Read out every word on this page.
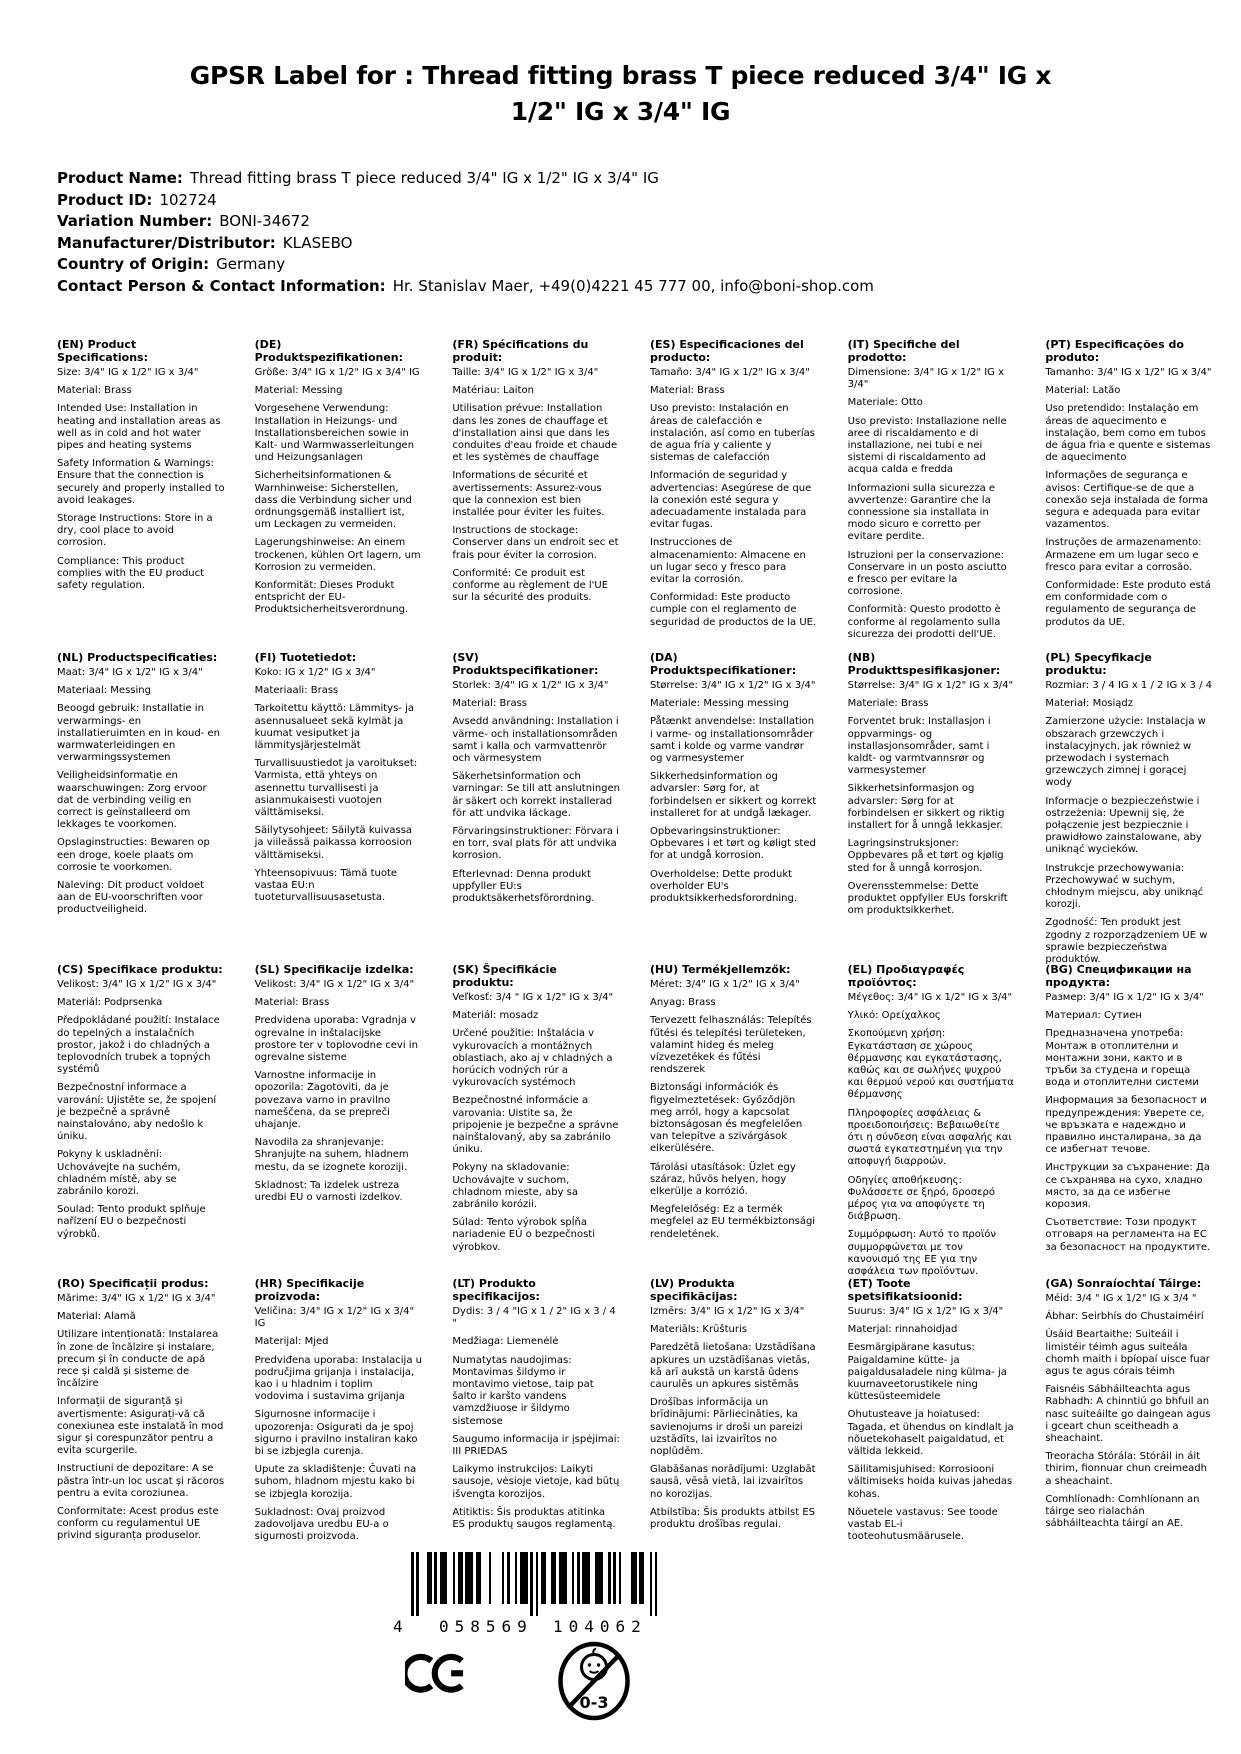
GPSR Label for : Thread fitting brass T piece reduced 3/4" IG x 1/2" IG x 3/4" IG
Product Name: Thread fitting brass T piece reduced 3/4" IG x 1/2" IG x 3/4" IG
Product ID: 102724
Variation Number: BONI-34672
Manufacturer/Distributor: KLASEBO
Country of Origin: Germany
Contact Person & Contact Information: Hr. Stanislav Maer, +49(0)4221 45 777 00, info@boni-shop.com
(EN) Product Specifications:

Size: 3/4" IG x 1/2" IG x 3/4"

Material: Brass

Intended Use: Installation in heating and installation areas as well as in cold and hot water pipes and heating systems

Safety Information & Warnings: Ensure that the connection is securely and properly installed to avoid leakages.

Storage Instructions: Store in a dry, cool place to avoid corrosion.

Compliance: This product complies with the EU product safety regulation.

(DE) Produktspezifikationen:

Größe: 3/4" IG x 1/2" IG x 3/4" IG

Material: Messing

Vorgesehene Verwendung: Installation in Heizungs- und Installationsbereichen sowie in Kalt- und Warmwasserleitungen und Heizungsanlagen

Sicherheitsinformationen & Warnhinweise: Sicherstellen, dass die Verbindung sicher und ordnungsgemäß installiert ist, um Leckagen zu vermeiden.

Lagerungshinweise: An einem trockenen, kühlen Ort lagern, um Korrosion zu vermeiden.

Konformität: Dieses Produkt entspricht der EU-Produktsicherheitsverordnung.

(FR) Spécifications du produit:

Taille: 3/4" IG x 1/2" IG x 3/4"

Matériau: Laiton

Utilisation prévue: Installation dans les zones de chauffage et d'installation ainsi que dans les conduites d'eau froide et chaude et les systèmes de chauffage

Informations de sécurité et avertissements: Assurez-vous que la connexion est bien installée pour éviter les fuites.

Instructions de stockage: Conserver dans un endroit sec et frais pour éviter la corrosion.

Conformité: Ce produit est conforme au règlement de l'UE sur la sécurité des produits.

(ES) Especificaciones del producto:

Tamaño: 3/4" IG x 1/2" IG x 3/4"

Material: Brass

Uso previsto: Instalación en áreas de calefacción e instalación, así como en tuberías de agua fría y caliente y sistemas de calefacción

Información de seguridad y advertencias: Asegúrese de que la conexión esté segura y adecuadamente instalada para evitar fugas.

Instrucciones de almacenamiento: Almacene en un lugar seco y fresco para evitar la corrosión.

Conformidad: Este producto cumple con el reglamento de seguridad de productos de la UE.

(IT) Specifiche del prodotto:

Dimensione: 3/4" IG x 1/2" IG x 3/4"

Materiale: Otto

Uso previsto: Installazione nelle aree di riscaldamento e di installazione, nei tubi e nei sistemi di riscaldamento ad acqua calda e fredda

Informazioni sulla sicurezza e avvertenze: Garantire che la connessione sia installata in modo sicuro e corretto per evitare perdite.

Istruzioni per la conservazione: Conservare in un posto asciutto e fresco per evitare la corrosione.

Conformità: Questo prodotto è conforme al regolamento sulla sicurezza dei prodotti dell'UE.

(PT) Especificações do produto:

Tamanho: 3/4" IG x 1/2" IG x 3/4"

Material: Latão

Uso pretendido: Instalação em áreas de aquecimento e instalação, bem como em tubos de água fria e quente e sistemas de aquecimento

Informações de segurança e avisos: Certifique-se de que a conexão seja instalada de forma segura e adequada para evitar vazamentos.

Instruções de armazenamento: Armazene em um lugar seco e fresco para evitar a corrosão.

Conformidade: Este produto está em conformidade com o regulamento de segurança de produtos da UE.

(NL) Productspecificaties:

Maat: 3/4" IG x 1/2" IG x 3/4"

Materiaal: Messing

Beoogd gebruik: Installatie in verwarmings- en installatieruimten en in koud- en warmwaterleidingen en verwarmingssystemen

Veiligheidsinformatie en waarschuwingen: Zorg ervoor dat de verbinding veilig en correct is geïnstalleerd om lekkages te voorkomen.

Opslaginstructies: Bewaren op een droge, koele plaats om corrosie te voorkomen.

Naleving: Dit product voldoet aan de EU-voorschriften voor productveiligheid.

(FI) Tuotetiedot:

Koko: IG x 1/2" IG x 3/4"

Materiaali: Brass

Tarkoitettu käyttö: Lämmitys- ja asennusalueet sekä kylmät ja kuumat vesiputket ja lämmitysjärjestelmät

Turvallisuustiedot ja varoitukset: Varmista, että yhteys on asennettu turvallisesti ja asianmukaisesti vuotojen välttämiseksi.

Säilytysohjeet: Säilytä kuivassa ja viileässä paikassa korroosion välttämiseksi.

Yhteensopivuus: Tämä tuote vastaa EU:n tuoteturvallisuusasetusta.

(SV) Produktspecifikationer:

Storlek: 3/4" IG x 1/2" IG x 3/4"

Material: Brass

Avsedd användning: Installation i värme- och installationsområden samt i kalla och varmvattenrör och värmesystem

Säkerhetsinformation och varningar: Se till att anslutningen är säkert och korrekt installerad för att undvika läckage.

Förvaringsinstruktioner: Förvara i en torr, sval plats för att undvika korrosion.

Efterlevnad: Denna produkt uppfyller EU:s produktsäkerhetsförordning.

(DA) Produktspecifikationer:

Størrelse: 3/4" IG x 1/2" IG x 3/4"

Materiale: Messing messing

Påtænkt anvendelse: Installation i varme- og installationsområder samt i kolde og varme vandrør og varmesystemer

Sikkerhedsinformation og advarsler: Sørg for, at forbindelsen er sikkert og korrekt installeret for at undgå lækager.

Opbevaringsinstruktioner: Opbevares i et tørt og køligt sted for at undgå korrosion.

Overholdelse: Dette produkt overholder EU's produktsikkerhedsforordning.

(NB) Produkttspesifikasjoner:

Størrelse: 3/4" IG x 1/2" IG x 3/4"

Materiale: Brass

Forventet bruk: Installasjon i oppvarmings- og installasjonsområder, samt i kaldt- og varmtvannsrør og varmesystemer

Sikkerhetsinformasjon og advarsler: Sørg for at forbindelsen er sikkert og riktig installert for å unngå lekkasjer.

Lagringsinstruksjoner: Oppbevares på et tørt og kjølig sted for å unngå korrosjon.

Overensstemmelse: Dette produktet oppfyller EUs forskrift om produktsikkerhet.

(PL) Specyfikacje produktu:

Rozmiar: 3 / 4 IG x 1 / 2 IG x 3 / 4

Materiał: Mosiądz

Zamierzone użycie: Instalacja w obszarach grzewczych i instalacyjnych, jak również w przewodach i systemach grzewczych zimnej i gorącej wody

Informacje o bezpieczeństwie i ostrzeżenia: Upewnij się, że połączenie jest bezpiecznie i prawidłowo zainstalowane, aby uniknąć wycieków.

Instrukcje przechowywania: Przechowywać w suchym, chłodnym miejscu, aby uniknąć korozji.

Zgodność: Ten produkt jest zgodny z rozporządzeniem UE w sprawie bezpieczeństwa produktów.

(CS) Specifikace produktu:

Velikost: 3/4" IG x 1/2" IG x 3/4"

Materiál: Podprsenka

Předpokládané použití: Instalace do tepelných a instalačních prostor, jakož i do chladných a teplovodních trubek a topných systémů

Bezpečnostní informace a varování: Ujistěte se, že spojení je bezpečně a správně nainstalováno, aby nedošlo k úniku.

Pokyny k uskladnění: Uchovávejte na suchém, chladném místě, aby se zabránilo korozi.

Soulad: Tento produkt splňuje nařízení EU o bezpečnosti výrobků.

(SL) Specifikacije izdelka:

Velikost: 3/4" IG x 1/2" IG x 3/4"

Material: Brass

Predvidena uporaba: Vgradnja v ogrevalne in inštalacijske prostore ter v toplovodne cevi in ogrevalne sisteme

Varnostne informacije in opozorila: Zagotoviti, da je povezava varno in pravilno nameščena, da se prepreči uhajanje.

Navodila za shranjevanje: Shranjujte na suhem, hladnem mestu, da se izognete koroziji.

Skladnost: Ta izdelek ustreza uredbi EU o varnosti izdelkov.

(SK) Špecifikácie produktu:

Veľkosť: 3/4 " IG x 1/2" IG x 3/4"

Materiál: mosadz

Určené použitie: Inštalácia v vykurovacích a montážnych oblastiach, ako aj v chladných a horúcich vodných rúr a vykurovacích systémoch

Bezpečnostné informácie a varovania: Uistite sa, že pripojenie je bezpečne a správne nainštalovaný, aby sa zabránilo úniku.

Pokyny na skladovanie: Uchovávajte v suchom, chladnom mieste, aby sa zabránilo korózii.

Súlad: Tento výrobok spĺňa nariadenie EÚ o bezpečnosti výrobkov.

(HU) Termékjellemzők:

Méret: 3/4" IG x 1/2" IG x 3/4"

Anyag: Brass

Tervezett felhasználás: Telepítés fűtési és telepítési területeken, valamint hideg és meleg vízvezetékek és fűtési rendszerek

Biztonsági információk és figyelmeztetések: Győződjön meg arról, hogy a kapcsolat biztonságosan és megfelelően van telepítve a szivárgások elkerülésére.

Tárolási utasítások: Üzlet egy száraz, hűvös helyen, hogy elkerülje a korrózió.

Megfelelőség: Ez a termék megfelel az EU termékbiztonsági rendeletének.

(EL) Προδιαγραφές προϊόντος:

Μέγεθος: 3/4" IG x 1/2" IG x 3/4"

Υλικό: Ορείχαλκος

Σκοπούμενη χρήση: Εγκατάσταση σε χώρους θέρμανσης και εγκατάστασης, καθώς και σε σωλήνες ψυχρού και θερμού νερού και συστήματα θέρμανσης

Πληροφορίες ασφάλειας & προειδοποιήσεις: Βεβαιωθείτε ότι η σύνδεση είναι ασφαλής και σωστά εγκατεστημένη για την αποφυγή διαρροών.

Οδηγίες αποθήκευσης: Φυλάσσετε σε ξηρό, δροσερό μέρος για να αποφύγετε τη διάβρωση.

Συμμόρφωση: Αυτό το προϊόν συμμορφώνεται με τον κανονισμό της ΕΕ για την ασφάλεια των προϊόντων.

(BG) Спецификации на продукта:

Размер: 3/4" IG x 1/2" IG x 3/4"

Материал: Сутиен

Предназначена употреба: Монтаж в отоплителни и монтажни зони, както и в тръби за студена и гореща вода и отоплителни системи

Информация за безопасност и предупреждения: Уверете се, че връзката е надеждно и правилно инсталирана, за да се избегнат течове.

Инструкции за съхранение: Да се съхранява на сухо, хладно място, за да се избегне корозия.

Съответствие: Този продукт отговаря на регламента на ЕС за безопасност на продуктите.

(RO) Specificații produs:

Mărime: 3/4" IG x 1/2" IG x 3/4"

Material: Alamă

Utilizare intenționată: Instalarea în zone de încălzire și instalare, precum și în conducte de apă rece și caldă și sisteme de încălzire

Informații de siguranță și avertismente: Asigurați-vă că conexiunea este instalată în mod sigur și corespunzător pentru a evita scurgerile.

Instructiuni de depozitare: A se păstra într-un loc uscat și răcoros pentru a evita coroziunea.

Conformitate: Acest produs este conform cu regulamentul UE privind siguranța produselor.

(HR) Specifikacije proizvoda:

Veličina: 3/4" IG x 1/2" IG x 3/4" IG

Materijal: Mjed

Predviđena uporaba: Instalacija u područjima grijanja i instalacija, kao i u hladnim i toplim vodovima i sustavima grijanja

Sigurnosne informacije i upozorenja: Osigurati da je spoj sigurno i pravilno instaliran kako bi se izbjegla curenja.

Upute za skladištenje: Čuvati na suhom, hladnom mjestu kako bi se izbjegla korozija.

Sukladnost: Ovaj proizvod zadovoljava uredbu EU-a o sigurnosti proizvoda.

(LT) Produkto specifikacijos:

Dydis: 3 / 4 "IG x 1 / 2" IG x 3 / 4 "

Medžiaga: Liemenėlė

Numatytas naudojimas: Montavimas šildymo ir montavimo vietose, taip pat šalto ir karšto vandens vamzdžiuose ir šildymo sistemose

Saugumo informacija ir įspėjimai: III PRIEDAS

Laikymo instrukcijos: Laikyti sausoje, vėsioje vietoje, kad būtų išvengta korozijos.

Atitiktis: Šis produktas atitinka ES produktų saugos reglamentą.

(LV) Produkta specifikācijas:

Izmērs: 3/4" IG x 1/2" IG x 3/4"

Materiāls: Krūšturis

Paredzētā lietošana: Uzstādīšana apkures un uzstādīšanas vietās, kā arī aukstā un karstā ūdens caurulēs un apkures sistēmās

Drošības informācija un brīdinājumi: Pārliecināties, ka savienojums ir droši un pareizi uzstādīts, lai izvairītos no noplūdēm.

Glabāšanas norādījumi: Uzglabāt sausā, vēsā vietā, lai izvairītos no korozijas.

Atbilstība: Šis produkts atbilst ES produktu drošības regulai.

(ET) Toote spetsifikatsioonid:

Suurus: 3/4" IG x 1/2" IG x 3/4"

Materjal: rinnahoidjad

Eesmärgipärane kasutus: Paigaldamine kütte- ja paigaldusaladele ning külma- ja kuumaveetorustikele ning küttesüsteemidele

Ohutusteave ja hoiatused: Tagada, et ühendus on kindlalt ja nõuetekohaselt paigaldatud, et vältida lekkeid.

Säilitamisjuhised: Korrosiooni vältimiseks hoida kuivas jahedas kohas.

Nõuetele vastavus: See toode vastab EL-i tooteohutusmäärusele.

(GA) Sonraíochtaí Táirge:

Méid: 3/4 " IG x 1/2" IG x 3/4 "

Ábhar: Seirbhís do Chustaiméirí

Úsáid Beartaithe: Suiteáil i limistéir téimh agus suiteála chomh maith i bpíopaí uisce fuar agus te agus córais téimh

Faisnéis Sábháilteachta agus Rabhadh: A chinntiú go bhfuil an nasc suiteáilte go daingean agus i gceart chun sceitheadh a sheachaint.

Treoracha Stórála: Stóráil in áit thirim, fionnuar chun creimeadh a sheachaint.

Comhlíonadh: Comhlíonann an táirge seo rialachán sábháilteachta táirgí an AE.

4 058569 104062
0-3
